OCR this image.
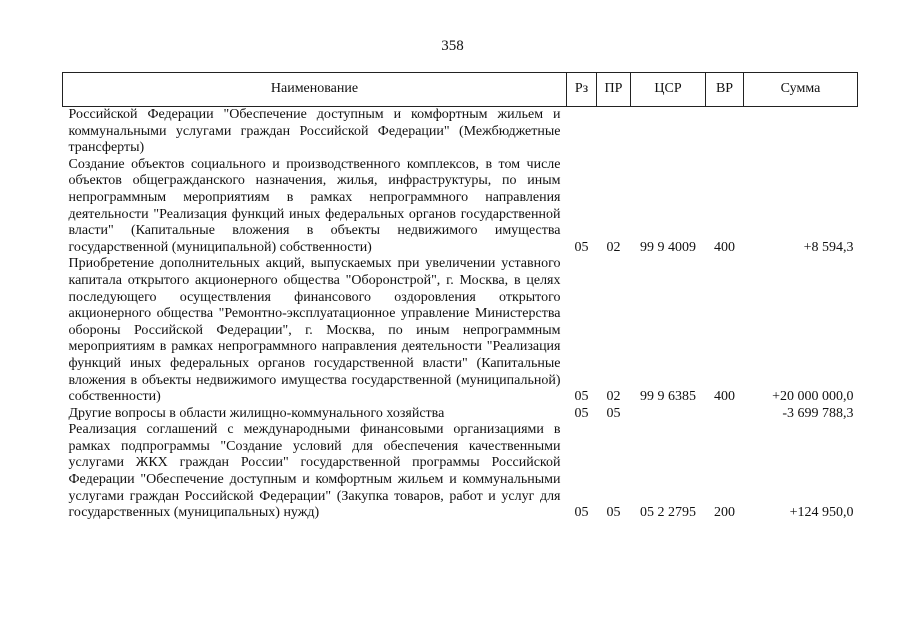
358
Наименование	Рз	ПР	ЦСР	ВР	Сумма
Российской Федерации "Обеспечение доступным и комфортным жильем и коммунальными услугами граждан Российской Федерации" (Межбюджетные трансферты)					
Создание объектов социального и производственного комплексов, в том числе объектов общегражданского назначения, жилья, инфраструктуры, по иным непрограммным мероприятиям в рамках непрограммного направления деятельности "Реализация функций иных федеральных органов государственной власти" (Капитальные вложения в объекты недвижимого имущества государственной (муниципальной) собственности)	05	02	99 9 4009	400	+8 594,3
Приобретение дополнительных акций, выпускаемых при увеличении уставного капитала открытого акционерного общества "Оборонстрой", г. Москва, в целях последующего осуществления финансового оздоровления открытого акционерного общества "Ремонтно-эксплуатационное управление Министерства обороны Российской Федерации", г. Москва, по иным непрограммным мероприятиям в рамках непрограммного направления деятельности "Реализация функций иных федеральных органов государственной власти" (Капитальные вложения в объекты недвижимого имущества государственной (муниципальной) собственности)	05	02	99 9 6385	400	+20 000 000,0
Другие вопросы в области жилищно-коммунального хозяйства	05	05			-3 699 788,3
Реализация соглашений с международными финансовыми организациями в рамках подпрограммы "Создание условий для обеспечения качественными услугами ЖКХ граждан России" государственной программы Российской Федерации "Обеспечение доступным и комфортным жильем и коммунальными услугами граждан Российской Федерации" (Закупка товаров, работ и услуг для государственных (муниципальных) нужд)	05	05	05 2 2795	200	+124 950,0
